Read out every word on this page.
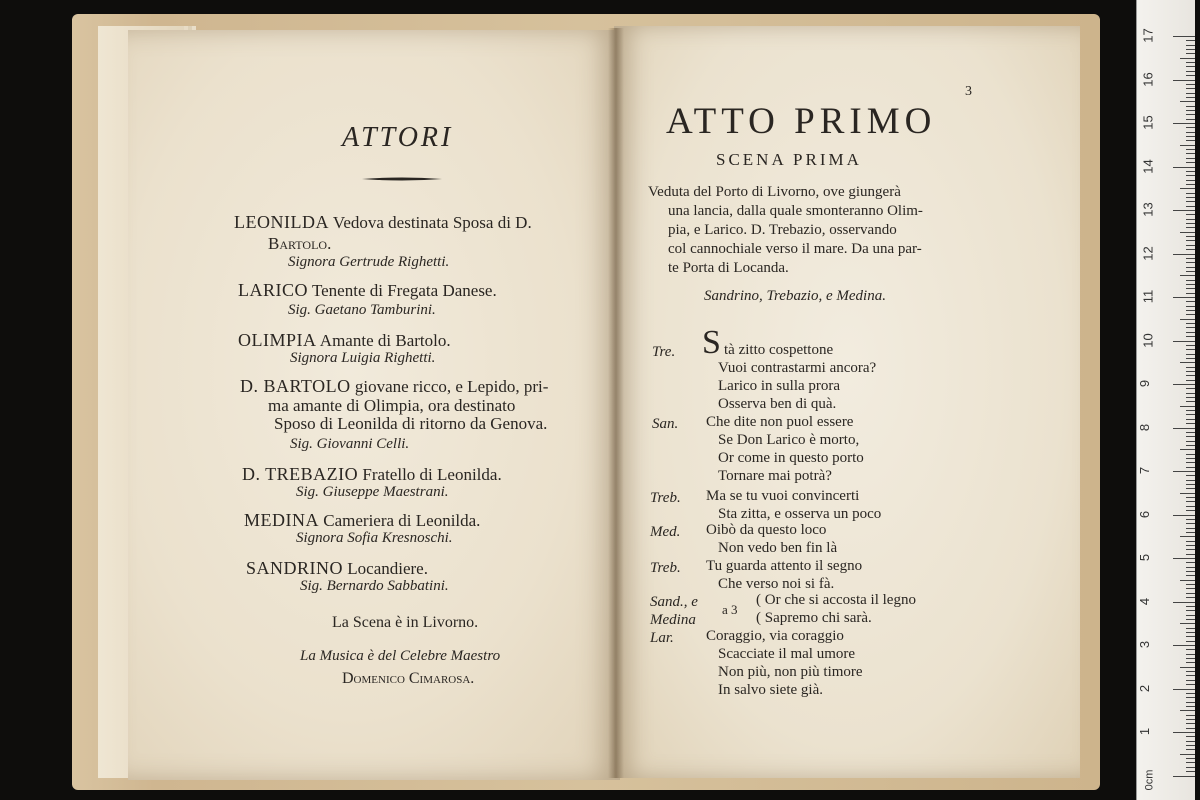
ATTORI
LEONILDA Vedova destinata Sposa di D.
Bartolo.
Signora Gertrude Righetti.
LARICO Tenente di Fregata Danese.
Sig. Gaetano Tamburini.
OLIMPIA Amante di Bartolo.
Signora Luigia Righetti.
D. BARTOLO giovane ricco, e Lepido, pri-
ma amante di Olimpia, ora destinato
Sposo di Leonilda di ritorno da Genova.
Sig. Giovanni Celli.
D. TREBAZIO Fratello di Leonilda.
Sig. Giuseppe Maestrani.
MEDINA Cameriera di Leonilda.
Signora Sofia Kresnoschi.
SANDRINO Locandiere.
Sig. Bernardo Sabbatini.
La Scena è in Livorno.
La Musica è del Celebre Maestro
Domenico Cimarosa.
3
ATTO PRIMO
SCENA PRIMA
Veduta del Porto di Livorno, ove giungerà
una lancia, dalla quale smonteranno Olim-
pia, e Larico. D. Trebazio, osservando
col cannochiale verso il mare. Da una par-
te Porta di Locanda.
Sandrino, Trebazio, e Medina.
S
Tre.	tà zitto cospettone
Vuoi contrastarmi ancora?
Larico in sulla prora
Osserva ben di quà.
San. Che dite non puol essere
Se Don Larico è morto,
Or come in questo porto
Tornare mai potrà?
Treb. Ma se tu vuoi convincerti
Sta zitta, e osserva un poco
Med. Oibò da questo loco
Non vedo ben fin là
Treb. Tu guarda attento il segno
Che verso noi si fà.
Sand., e
Medina
a 3
( Or che si accosta il legno
( Sapremo chi sarà.
Lar. Coraggio, via coraggio
Scacciate il mal umore
Non più, non più timore
In salvo siete già.
17
16
15
14
13
12
11
10
9
8
7
6
5
4
3
2
1
0cm
